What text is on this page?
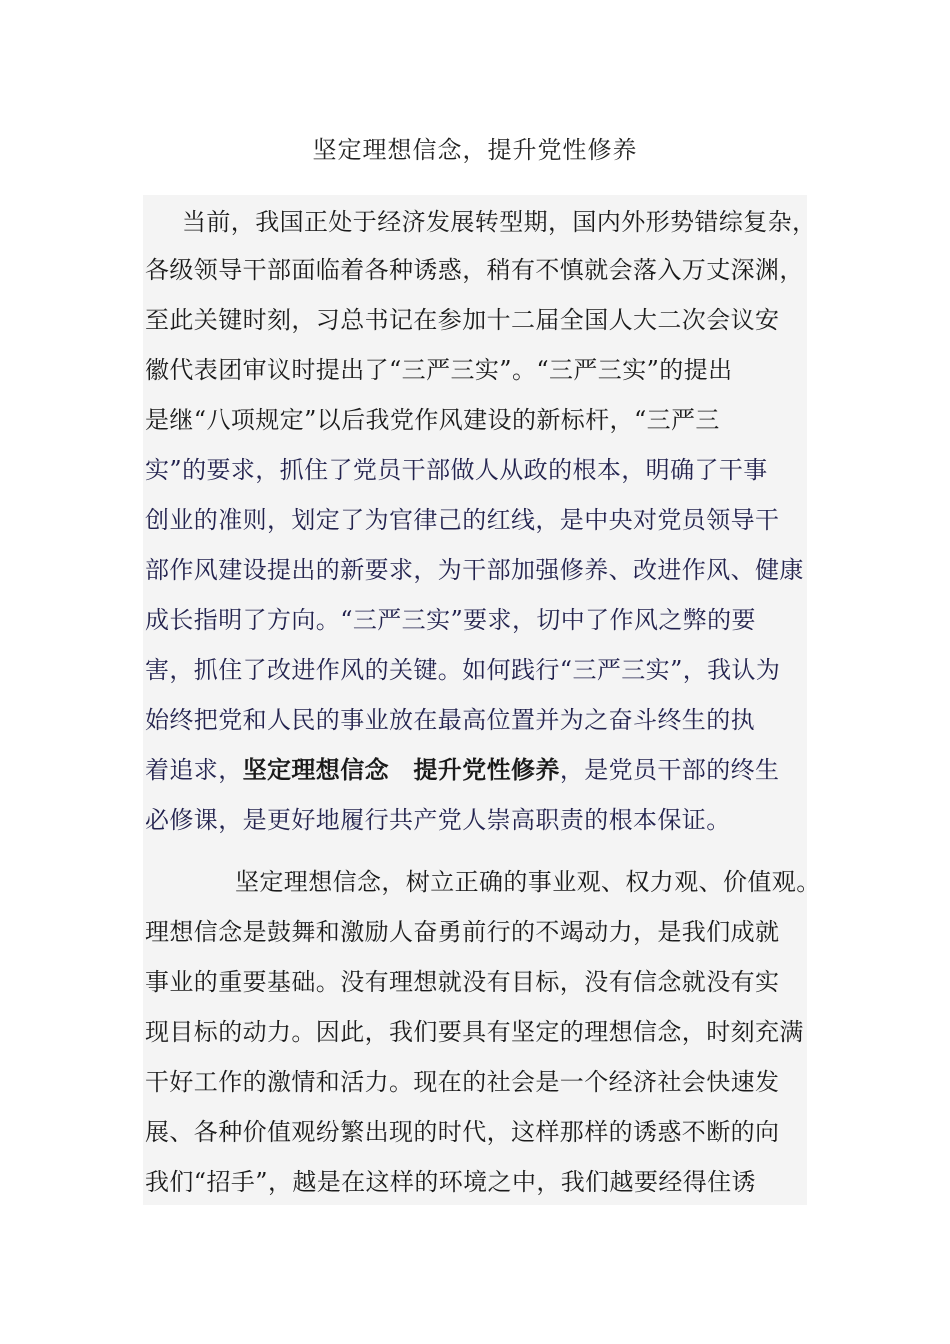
坚定理想信念，提升党性修养
当前，我国正处于经济发展转型期，国内外形势错综复杂，
各级领导干部面临着各种诱惑，稍有不慎就会落入万丈深渊，
至此关键时刻，习总书记在参加十二届全国人大二次会议安
徽代表团审议时提出了“三严三实”。“三严三实”的提出
是继“八项规定”以后我党作风建设的新标杆，“三严三
实”的要求，抓住了党员干部做人从政的根本，明确了干事
创业的准则，划定了为官律己的红线，是中央对党员领导干
部作风建设提出的新要求，为干部加强修养、改进作风、健康
成长指明了方向。“三严三实”要求，切中了作风之弊的要
害，抓住了改进作风的关键。如何践行“三严三实”，我认为
始终把党和人民的事业放在最高位置并为之奋斗终生的执
着追求，坚定理想信念　提升党性修养，是党员干部的终生
必修课，是更好地履行共产党人崇高职责的根本保证。
坚定理想信念，树立正确的事业观、权力观、价值观。
理想信念是鼓舞和激励人奋勇前行的不竭动力，是我们成就
事业的重要基础。没有理想就没有目标，没有信念就没有实
现目标的动力。因此，我们要具有坚定的理想信念，时刻充满
干好工作的激情和活力。现在的社会是一个经济社会快速发
展、各种价值观纷繁出现的时代，这样那样的诱惑不断的向
我们“招手”，越是在这样的环境之中，我们越要经得住诱
